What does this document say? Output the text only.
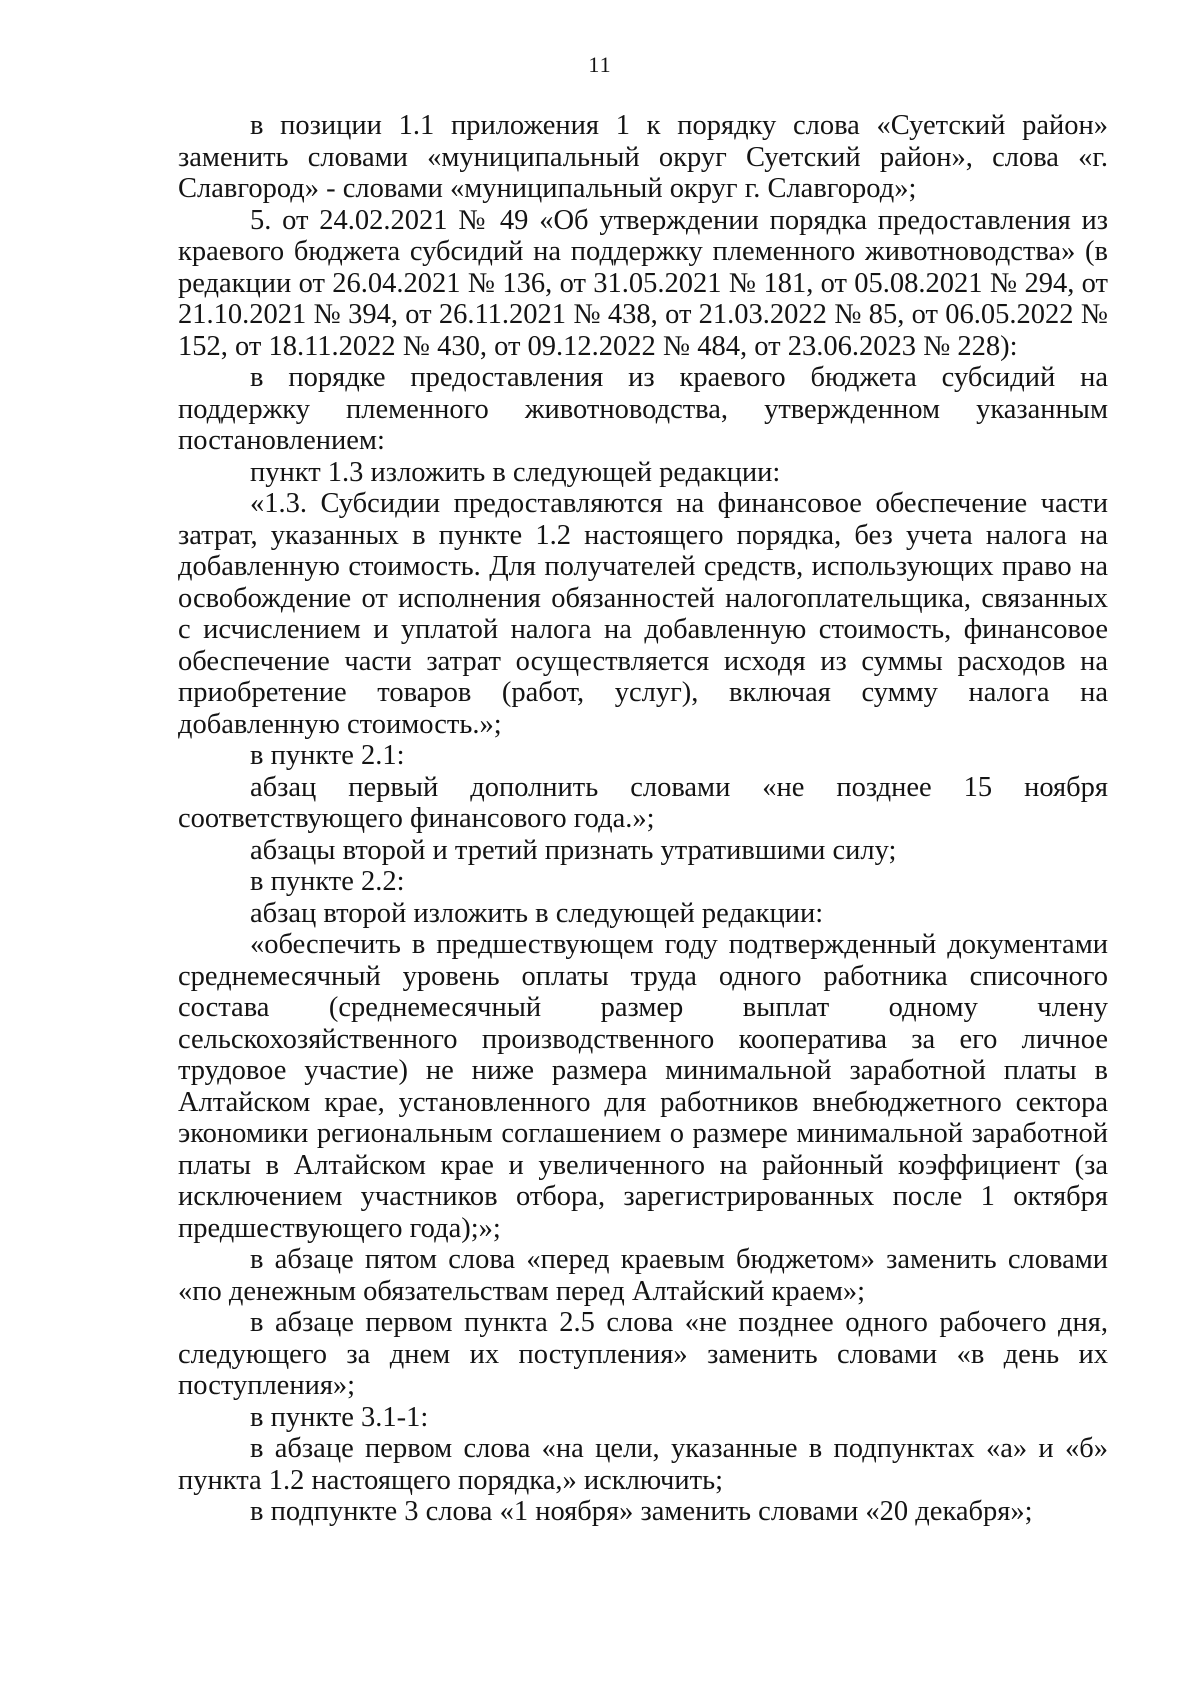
11

в позиции 1.1 приложения 1 к порядку слова «Суетский район» заменить словами «муниципальный округ Суетский район», слова «г. Славгород» - словами «муниципальный округ г. Славгород»;

5. от 24.02.2021 № 49 «Об утверждении порядка предоставления из краевого бюджета субсидий на поддержку племенного животноводства» (в редакции от 26.04.2021 № 136, от 31.05.2021 № 181, от 05.08.2021 № 294, от 21.10.2021 № 394, от 26.11.2021 № 438, от 21.03.2022 № 85, от 06.05.2022 № 152, от 18.11.2022 № 430, от 09.12.2022 № 484, от 23.06.2023 № 228):

в порядке предоставления из краевого бюджета субсидий на поддержку племенного животноводства, утвержденном указанным постановлением:

пункт 1.3 изложить в следующей редакции:

«1.3. Субсидии предоставляются на финансовое обеспечение части затрат, указанных в пункте 1.2 настоящего порядка, без учета налога на добавленную стоимость. Для получателей средств, использующих право на освобождение от исполнения обязанностей налогоплательщика, связанных с исчислением и уплатой налога на добавленную стоимость, финансовое обеспечение части затрат осуществляется исходя из суммы расходов на приобретение товаров (работ, услуг), включая сумму налога на добавленную стоимость.»;

в пункте 2.1:

абзац первый дополнить словами «не позднее 15 ноября соответствующего финансового года.»;

абзацы второй и третий признать утратившими силу;

в пункте 2.2:

абзац второй изложить в следующей редакции:

«обеспечить в предшествующем году подтвержденный документами среднемесячный уровень оплаты труда одного работника списочного состава (среднемесячный размер выплат одному члену сельскохозяйственного производственного кооператива за его личное трудовое участие) не ниже размера минимальной заработной платы в Алтайском крае, установленного для работников внебюджетного сектора экономики региональным соглашением о размере минимальной заработной платы в Алтайском крае и увеличенного на районный коэффициент (за исключением участников отбора, зарегистрированных после 1 октября предшествующего года);»;

в абзаце пятом слова «перед краевым бюджетом» заменить словами «по денежным обязательствам перед Алтайский краем»;

в абзаце первом пункта 2.5 слова «не позднее одного рабочего дня, следующего за днем их поступления» заменить словами «в день их поступления»;

в пункте 3.1-1:

в абзаце первом слова «на цели, указанные в подпунктах «а» и «б» пункта 1.2 настоящего порядка,» исключить;

в подпункте 3 слова «1 ноября» заменить словами «20 декабря»;
